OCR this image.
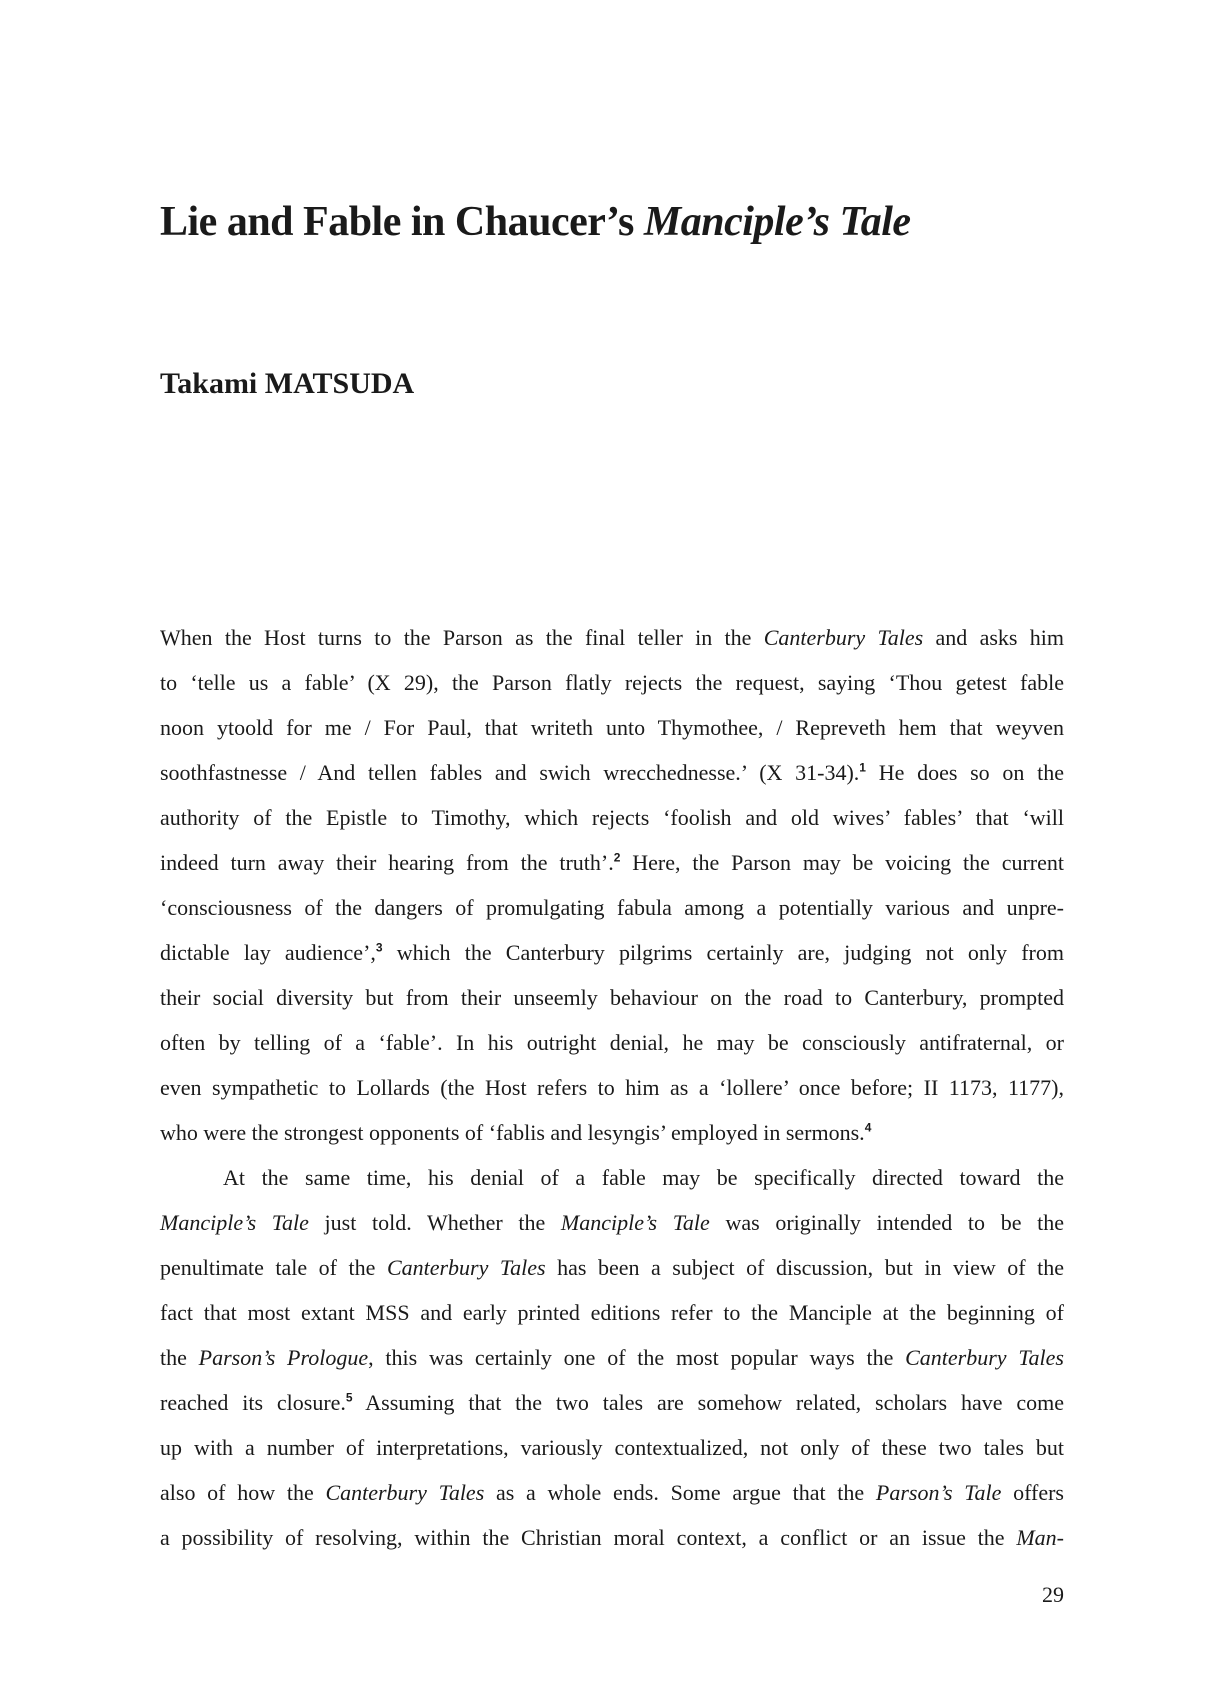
Lie and Fable in Chaucer’s Manciple’s Tale
Takami MATSUDA
When the Host turns to the Parson as the final teller in the Canterbury Tales and asks him
to ‘telle us a fable’ (X 29), the Parson flatly rejects the request, saying ‘Thou getest fable
noon ytoold for me / For Paul, that writeth unto Thymothee, / Repreveth hem that weyven
soothfastnesse / And tellen fables and swich wrecchednesse.’ (X 31-34).$^1$ He does so on the
authority of the Epistle to Timothy, which rejects ‘foolish and old wives’ fables’ that ‘will
indeed turn away their hearing from the truth’.$^2$ Here, the Parson may be voicing the current
‘consciousness of the dangers of promulgating fabula among a potentially various and unpre-
dictable lay audience’,$^3$ which the Canterbury pilgrims certainly are, judging not only from
their social diversity but from their unseemly behaviour on the road to Canterbury, prompted
often by telling of a ‘fable’. In his outright denial, he may be consciously antifraternal, or
even sympathetic to Lollards (the Host refers to him as a ‘lollere’ once before; II 1173, 1177),
who were the strongest opponents of ‘fablis and lesyngis’ employed in sermons.$^4$
At the same time, his denial of a fable may be specifically directed toward the
Manciple’s Tale just told. Whether the Manciple’s Tale was originally intended to be the
penultimate tale of the Canterbury Tales has been a subject of discussion, but in view of the
fact that most extant MSS and early printed editions refer to the Manciple at the beginning of
the Parson’s Prologue, this was certainly one of the most popular ways the Canterbury Tales
reached its closure.$^5$ Assuming that the two tales are somehow related, scholars have come
up with a number of interpretations, variously contextualized, not only of these two tales but
also of how the Canterbury Tales as a whole ends. Some argue that the Parson’s Tale offers
a possibility of resolving, within the Christian moral context, a conflict or an issue the Man-
29
